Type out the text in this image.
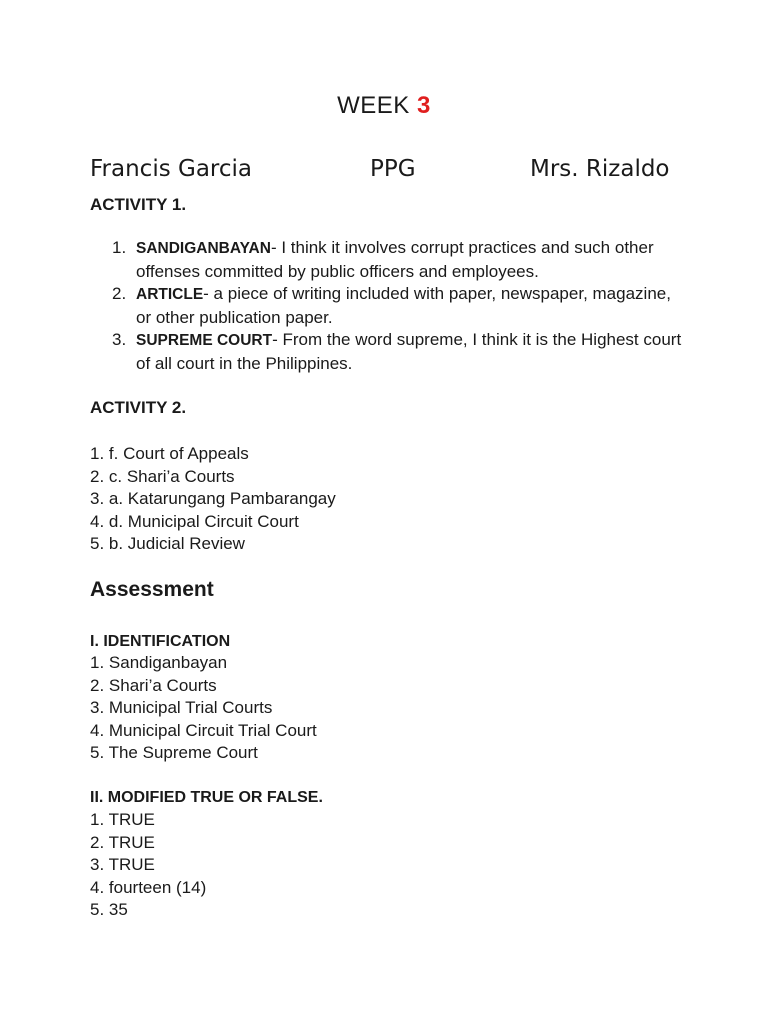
WEEK 3
Francis Garcia	PPG	Mrs. Rizaldo
ACTIVITY 1.
1. SANDIGANBAYAN- I think it involves corrupt practices and such other offenses committed by public officers and employees.
2. ARTICLE- a piece of writing included with paper, newspaper, magazine, or other publication paper.
3. SUPREME COURT- From the word supreme, I think it is the Highest court of all court in the Philippines.
ACTIVITY 2.
1. f. Court of Appeals
2. c. Shari’a Courts
3. a. Katarungang Pambarangay
4. d. Municipal Circuit Court
5. b. Judicial Review
Assessment
I. IDENTIFICATION
1. Sandiganbayan
2. Shari’a Courts
3. Municipal Trial Courts
4. Municipal Circuit Trial Court
5. The Supreme Court
II. MODIFIED TRUE OR FALSE.
1. TRUE
2. TRUE
3. TRUE
4. fourteen (14)
5. 35
